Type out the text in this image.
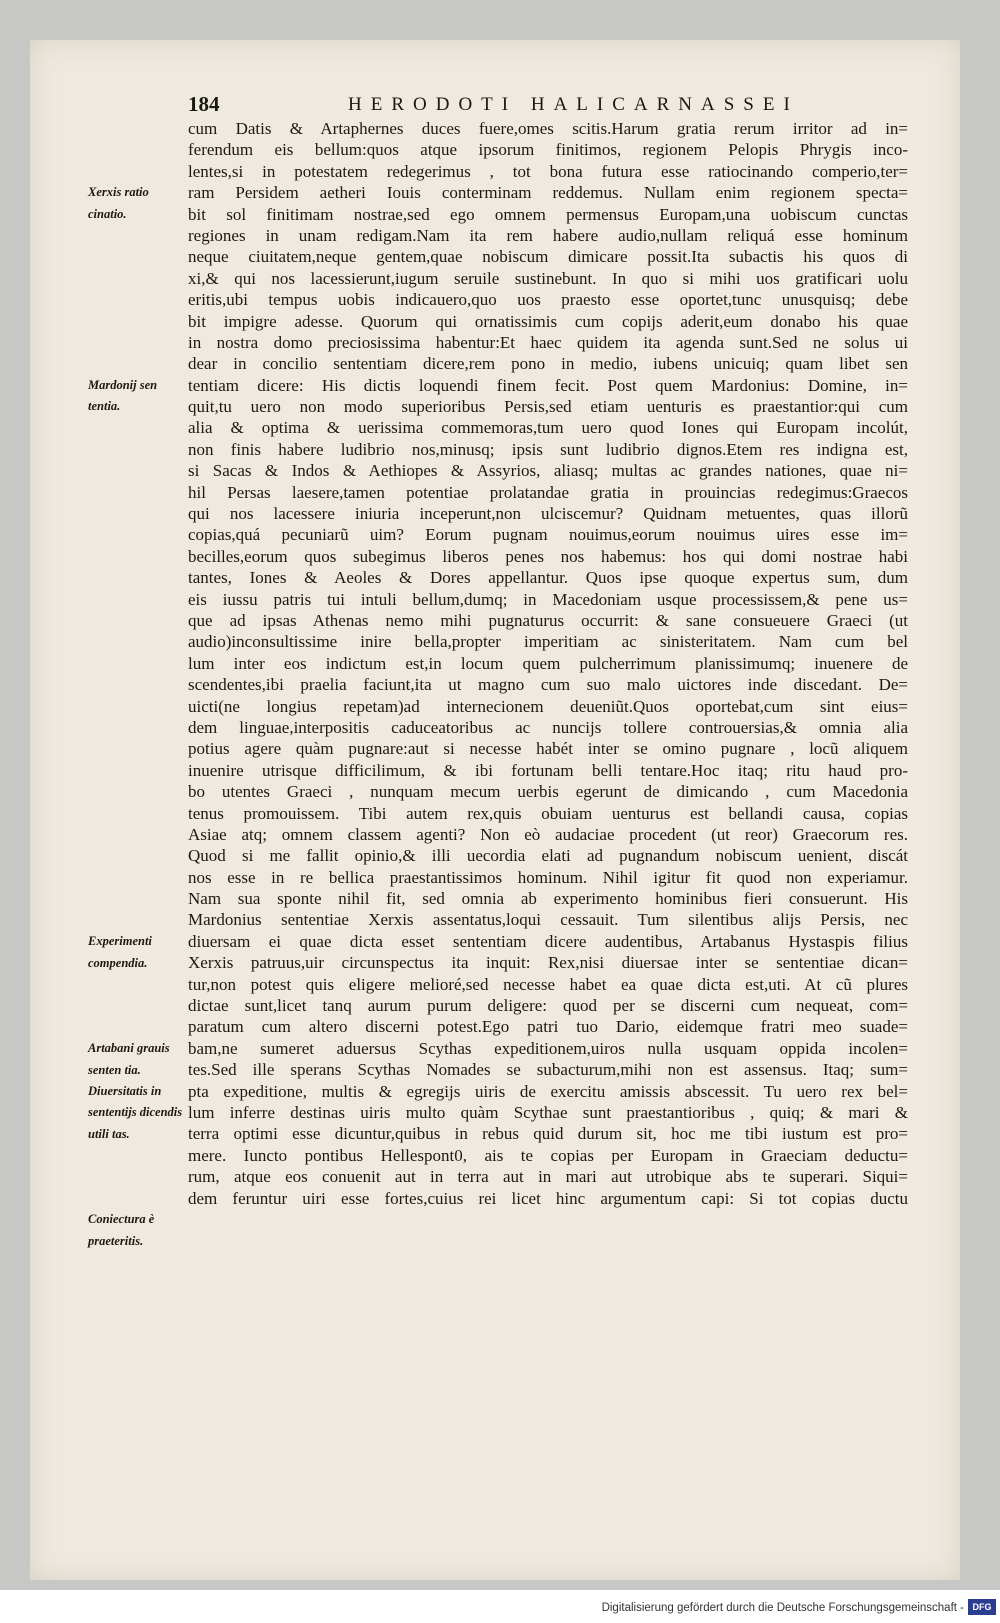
184	HERODOTI HALICARNASSEI
Xerxis ratio cinatio.
Mardonij sen tentia.
Experimenti compendia.
Artabani grauis senten tia.
Diuersitatis in sententijs dicendis utili tas.
Coniectura è praeteritis.
cum Datis & Artaphernes duces fuere,omes scitis.Harum gratia rerum irritor ad in=
ferendum eis bellum:quos atque ipsorum finitimos, regionem Pelopis Phrygis inco-
lentes,si in potestatem redegerimus , tot bona futura esse ratiocinando comperio,ter=
ram Persidem aetheri Iouis conterminam reddemus. Nullam enim regionem specta=
bit sol finitimam nostrae,sed ego omnem permensus Europam,una uobiscum cunctas
regiones in unam redigam.Nam ita rem habere audio,nullam reliquá esse hominum
neque ciuitatem,neque gentem,quae nobiscum dimicare possit.Ita subactis his quos di
xi,& qui nos lacessierunt,iugum seruile sustinebunt. In quo si mihi uos gratificari uolu
eritis,ubi tempus uobis indicauero,quo uos praesto esse oportet,tunc unusquisq; debe
bit impigre adesse. Quorum qui ornatissimis cum copijs aderit,eum donabo his quae
in nostra domo preciosissima habentur:Et haec quidem ita agenda sunt.Sed ne solus ui
dear in concilio sententiam dicere,rem pono in medio, iubens unicuiq; quam libet sen
tentiam dicere: His dictis loquendi finem fecit. Post quem Mardonius: Domine, in=
quit,tu uero non modo superioribus Persis,sed etiam uenturis es praestantior:qui cum
alia & optima & uerissima commemoras,tum uero quod Iones qui Europam incolút,
non finis habere ludibrio nos,minusq; ipsis sunt ludibrio dignos.Etem res indigna est,
si Sacas & Indos & Aethiopes & Assyrios, aliasq; multas ac grandes nationes, quae ni=
hil Persas laesere,tamen potentiae prolatandae gratia in prouincias redegimus:Graecos
qui nos lacessere iniuria inceperunt,non ulciscemur? Quidnam metuentes, quas illorũ
copias,quá pecuniarũ uim? Eorum pugnam nouimus,eorum nouimus uires esse im=
becilles,eorum quos subegimus liberos penes nos habemus: hos qui domi nostrae habi
tantes, Iones & Aeoles & Dores appellantur. Quos ipse quoque expertus sum, dum
eis iussu patris tui intuli bellum,dumq; in Macedoniam usque processissem,& pene us=
que ad ipsas Athenas nemo mihi pugnaturus occurrit: & sane consueuere Graeci (ut
audio)inconsultissime inire bella,propter imperitiam ac sinisteritatem. Nam cum bel
lum inter eos indictum est,in locum quem pulcherrimum planissimumq; inuenere de
scendentes,ibi praelia faciunt,ita ut magno cum suo malo uictores inde discedant. De=
uicti(ne longius repetam)ad internecionem deueniũt.Quos oportebat,cum sint eius=
dem linguae,interpositis caduceatoribus ac nuncijs tollere controuersias,& omnia alia
potius agere quàm pugnare:aut si necesse habét inter se omino pugnare , locũ aliquem
inuenire utrisque difficilimum, & ibi fortunam belli tentare.Hoc itaq; ritu haud pro-
bo utentes Graeci , nunquam mecum uerbis egerunt de dimicando , cum Macedonia
tenus promouissem. Tibi autem rex,quis obuiam uenturus est bellandi causa, copias
Asiae atq; omnem classem agenti? Non eò audaciae procedent (ut reor) Graecorum res.
Quod si me fallit opinio,& illi uecordia elati ad pugnandum nobiscum uenient, discát
nos esse in re bellica praestantissimos hominum. Nihil igitur fit quod non experiamur.
Nam sua sponte nihil fit, sed omnia ab experimento hominibus fieri consuerunt. His
Mardonius sententiae Xerxis assentatus,loqui cessauit. Tum silentibus alijs Persis, nec
diuersam ei quae dicta esset sententiam dicere audentibus, Artabanus Hystaspis filius
Xerxis patruus,uir circunspectus ita inquit: Rex,nisi diuersae inter se sententiae dican=
tur,non potest quis eligere melioré,sed necesse habet ea quae dicta est,uti. At cũ plures
dictae sunt,licet tanq aurum purum deligere: quod per se discerni cum nequeat, com=
paratum cum altero discerni potest.Ego patri tuo Dario, eidemque fratri meo suade=
bam,ne sumeret aduersus Scythas expeditionem,uiros nulla usquam oppida incolen=
tes.Sed ille sperans Scythas Nomades se subacturum,mihi non est assensus. Itaq; sum=
pta expeditione, multis & egregijs uiris de exercitu amissis abscessit. Tu uero rex bel=
lum inferre destinas uiris multo quàm Scythae sunt praestantioribus , quiq; & mari &
terra optimi esse dicuntur,quibus in rebus quid durum sit, hoc me tibi iustum est pro=
mere. Iuncto pontibus Hellespont0, ais te copias per Europam in Graeciam deductu=
rum, atque eos conuenit aut in terra aut in mari aut utrobique abs te superari. Siqui=
dem feruntur uiri esse fortes,cuius rei licet hinc argumentum capi: Si tot copias ductu
Digitalisierung gefördert durch die Deutsche Forschungsgemeinschaft - DFG
